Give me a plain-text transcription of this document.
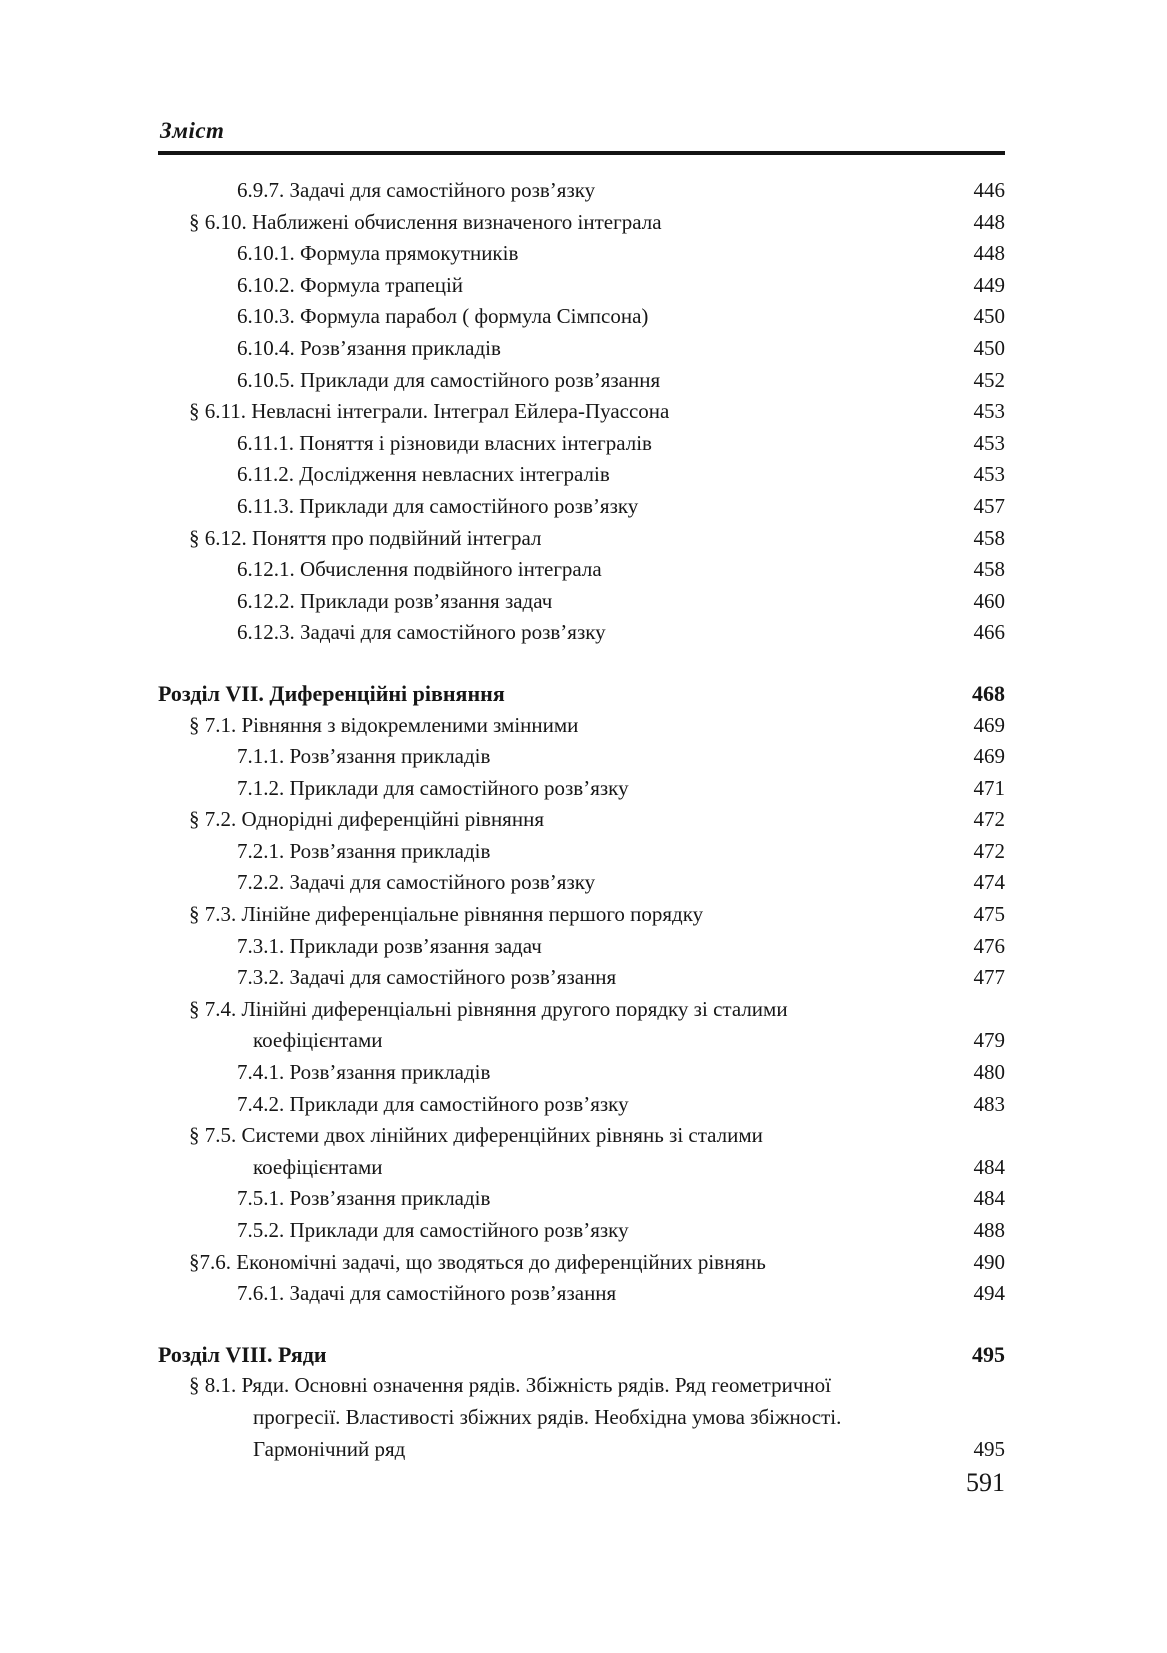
Зміст
6.9.7. Задачі для самостійного розв’язку	446
§ 6.10. Наближені обчислення визначеного інтеграла	448
6.10.1. Формула прямокутників	448
6.10.2. Формула трапецій	449
6.10.3. Формула парабол ( формула Сімпсона)	450
6.10.4. Розв’язання прикладів	450
6.10.5. Приклади для самостійного розв’язання	452
§ 6.11. Невласні інтеграли. Інтеграл Ейлера-Пуассона	453
6.11.1. Поняття і різновиди власних інтегралів	453
6.11.2. Дослідження невласних інтегралів	453
6.11.3. Приклади для самостійного розв’язку	457
§ 6.12. Поняття про подвійний інтеграл	458
6.12.1. Обчислення подвійного інтеграла	458
6.12.2. Приклади розв’язання задач	460
6.12.3. Задачі для самостійного розв’язку	466
Розділ VII. Диференційні рівняння	468
§ 7.1. Рівняння з відокремленими змінними	469
7.1.1. Розв’язання прикладів	469
7.1.2. Приклади для самостійного розв’язку	471
§ 7.2. Однорідні диференційні рівняння	472
7.2.1. Розв’язання прикладів	472
7.2.2. Задачі для самостійного розв’язку	474
§ 7.3. Лінійне диференціальне рівняння першого порядку	475
7.3.1. Приклади розв’язання задач	476
7.3.2. Задачі для самостійного розв’язання	477
§ 7.4. Лінійні диференціальні рівняння другого порядку зі сталими
коефіцієнтами	479
7.4.1. Розв’язання прикладів	480
7.4.2. Приклади для самостійного розв’язку	483
§ 7.5. Системи двох лінійних диференційних рівнянь зі сталими
коефіцієнтами	484
7.5.1. Розв’язання прикладів	484
7.5.2. Приклади для самостійного розв’язку	488
§7.6. Економічні задачі, що зводяться до диференційних рівнянь	490
7.6.1. Задачі для самостійного розв’язання	494
Розділ VIII. Ряди	495
§ 8.1. Ряди. Основні означення рядів. Збіжність рядів. Ряд геометричної
прогресії. Властивості збіжних рядів. Необхідна умова збіжності.
Гармонічний ряд	495
591
